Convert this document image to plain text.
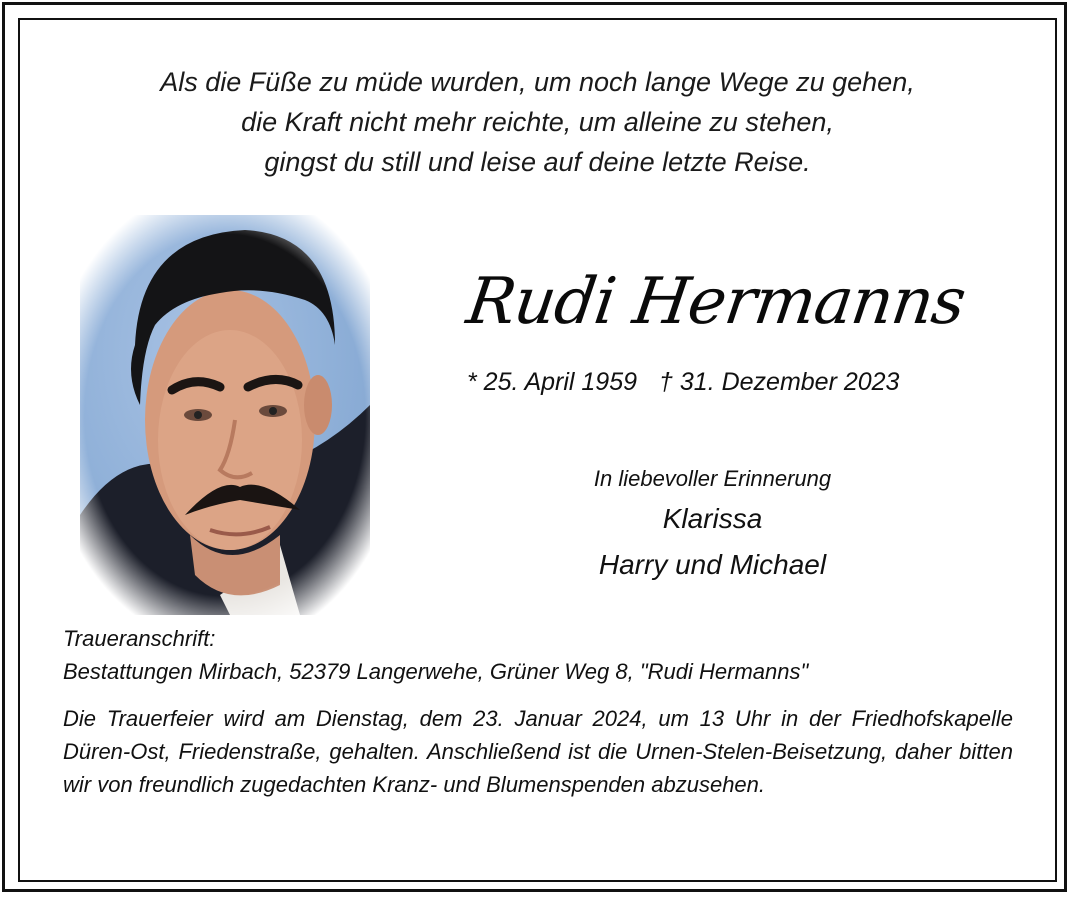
Als die Füße zu müde wurden, um noch lange Wege zu gehen,
die Kraft nicht mehr reichte, um alleine zu stehen,
gingst du still und leise auf deine letzte Reise.
Rudi Hermanns
* 25. April 1959 † 31. Dezember 2023
In liebevoller Erinnerung
Klarissa
Harry und Michael
Traueranschrift:
Bestattungen Mirbach, 52379 Langerwehe, Grüner Weg 8, "Rudi Hermanns"
Die Trauerfeier wird am Dienstag, dem 23. Januar 2024, um 13 Uhr in der Friedhofskapelle Düren-Ost, Friedenstraße, gehalten. Anschließend ist die Urnen-Stelen-Beisetzung, daher bitten wir von freundlich zugedachten Kranz- und Blumenspenden abzusehen.
